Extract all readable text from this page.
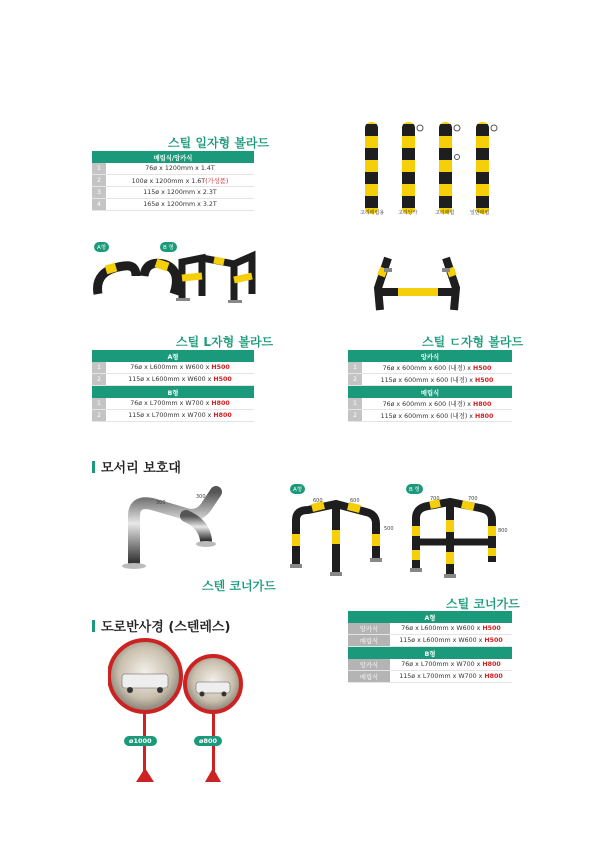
스틸 일자형 볼라드
매립식/앙카식	
1	76ø x 1200mm x 1.4T
2	100ø x 1200mm x 1.6T(가성품)
3	115ø x 1200mm x 2.3T
4	165ø x 1200mm x 3.2T
고리매립용	고리앙카	고리매립	일반매립
A형	B 형
스틸 L자형 볼라드
A형	
1	76ø x L600mm x W600 x H500
2	115ø x L600mm x W600 x H500
B형	
1	76ø x L700mm x W700 x H800
2	115ø x L700mm x W700 x H800
스틸 ㄷ자형 볼라드
앙카식	
1	76ø x 600mm x 600 (내경) x H500
2	115ø x 600mm x 600 (내경) x H500
매립식	
1	76ø x 600mm x 600 (내경) x H800
2	115ø x 600mm x 600 (내경) x H800
모서리 보호대
300
300
스텐 코너가드
A형	B 형
600	600
500
700	700
800
스틸 코너가드
A형	
앙카식	76ø x L600mm x W600 x H500
매립식	115ø x L600mm x W600 x H500
B형	
앙카식	76ø x L700mm x W700 x H800
매립식	115ø x L700mm x W700 x H800
도로반사경 (스텐레스)
ø1000	ø800
